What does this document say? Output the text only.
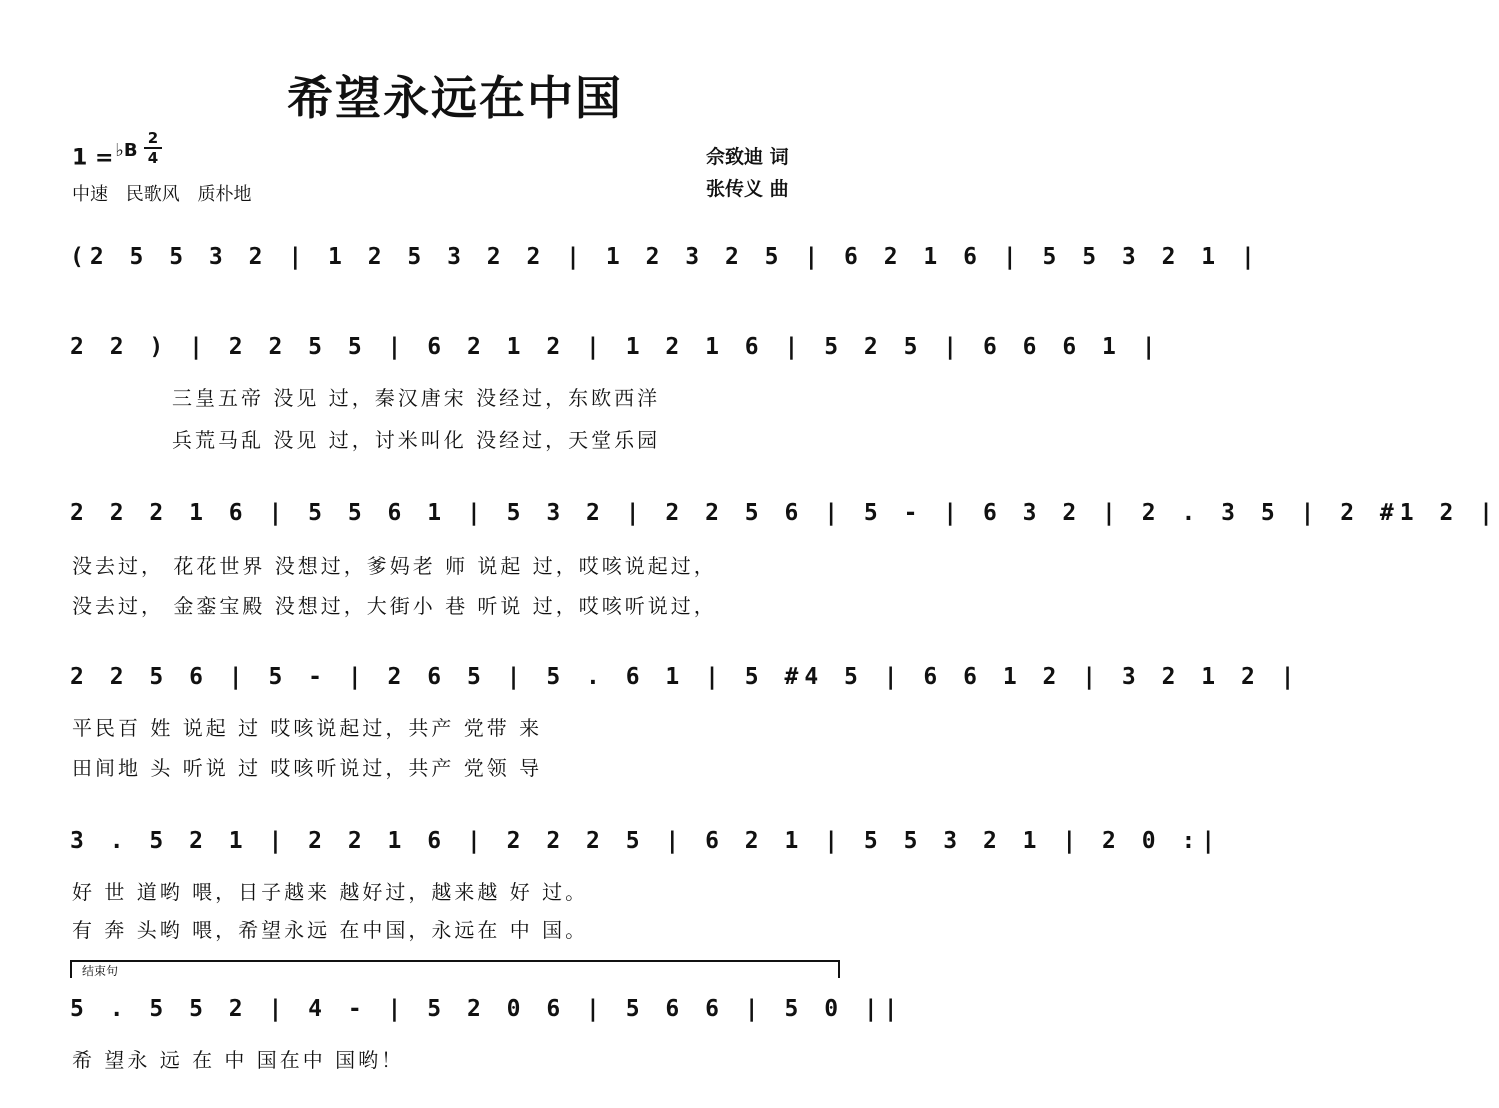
希望永远在中国
1 = $^{♭B}$
2
4
中速 民歌风 质朴地
佘致迪 词
张传义 曲
(2 5 5 3 2 | 1 2 5 3 2 2 | 1 2 3 2 5 | 6 2 1 6 | 5 5 3 2 1 |
2 2 ) | 2 2 5 5 | 6 2 1 2 | 1 2 1 6 | 5 2 5 | 6 6 6 1 |
三皇五帝 没见 过，秦汉唐宋 没经过，东欧西洋
兵荒马乱 没见 过，讨米叫化 没经过，天堂乐园
2 2 2 1 6 | 5 5 6 1 | 5 3 2 | 2 2 5 6 | 5 - | 6 3 2 | 2 . 3 5 | 2 #1 2 |
没去过， 花花世界 没想过，爹妈老 师 说起 过，哎咳说起过，
没去过， 金銮宝殿 没想过，大街小 巷 听说 过，哎咳听说过，
2 2 5 6 | 5 - | 2 6 5 | 5 . 6 1 | 5 #4 5 | 6 6 1 2 | 3 2 1 2 |
平民百 姓 说起 过 哎咳说起过，共产 党带 来
田间地 头 听说 过 哎咳听说过，共产 党领 导
3 . 5 2 1 | 2 2 1 6 | 2 2 2 5 | 6 2 1 | 5 5 3 2 1 | 2 0 :|
好 世 道哟 喂，日子越来 越好过，越来越 好 过。
有 奔 头哟 喂，希望永远 在中国，永远在 中 国。
结束句
5 . 5 5 2 | 4 - | 5 2 0 6 | 5 6 6 | 5 0 ||
希 望永 远 在 中 国在中 国哟！
